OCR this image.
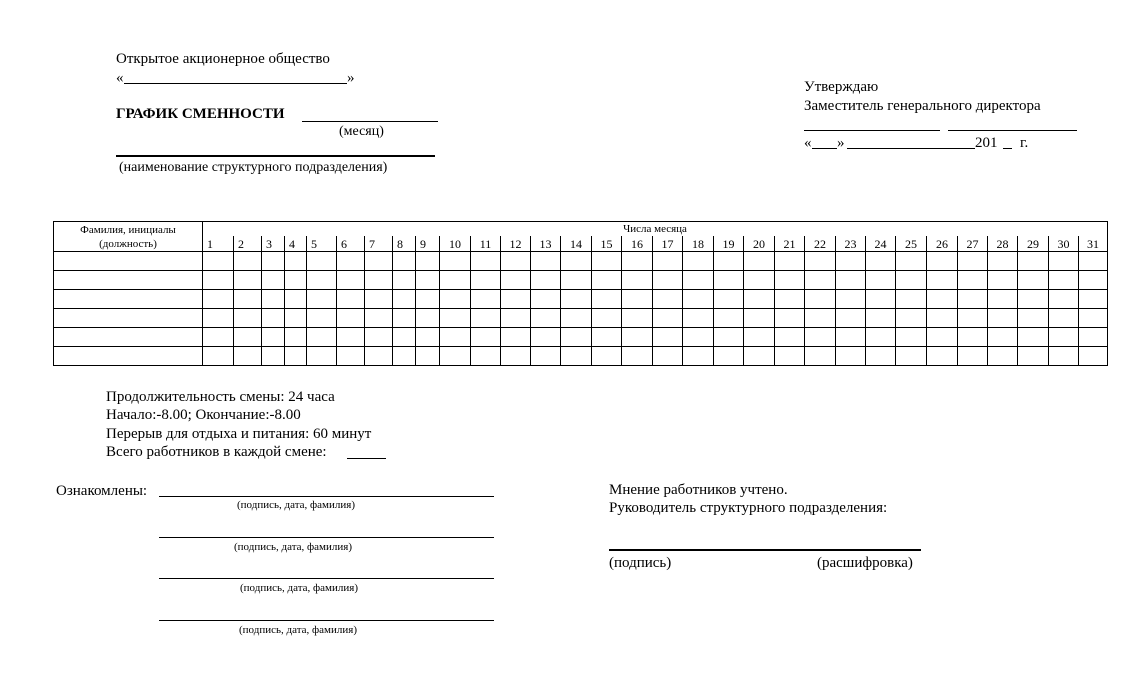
Открытое акционерное общество
«	»
ГРАФИК СМЕННОСТИ
(месяц)
(наименование структурного подразделения)
Утверждаю
Заместитель генерального директора
« »	201 г.
Фамилия, инициалы
(должность)	Числа месяца																														
	1	2	3	4	5	6	7	8	9	10	11	12	13	14	15	16	17	18	19	20	21	22	23	24	25	26	27	28	29	30	31

Продолжительность смены: 24 часа
Начало:-8.00; Окончание:-8.00
Перерыв для отдыха и питания: 60 минут
Всего работников в каждой смене:
Ознакомлены:
(подпись, дата, фамилия)
(подпись, дата, фамилия)
(подпись, дата, фамилия)
(подпись, дата, фамилия)
Мнение работников учтено.
Руководитель структурного подразделения:
(подпись)	(расшифровка)
